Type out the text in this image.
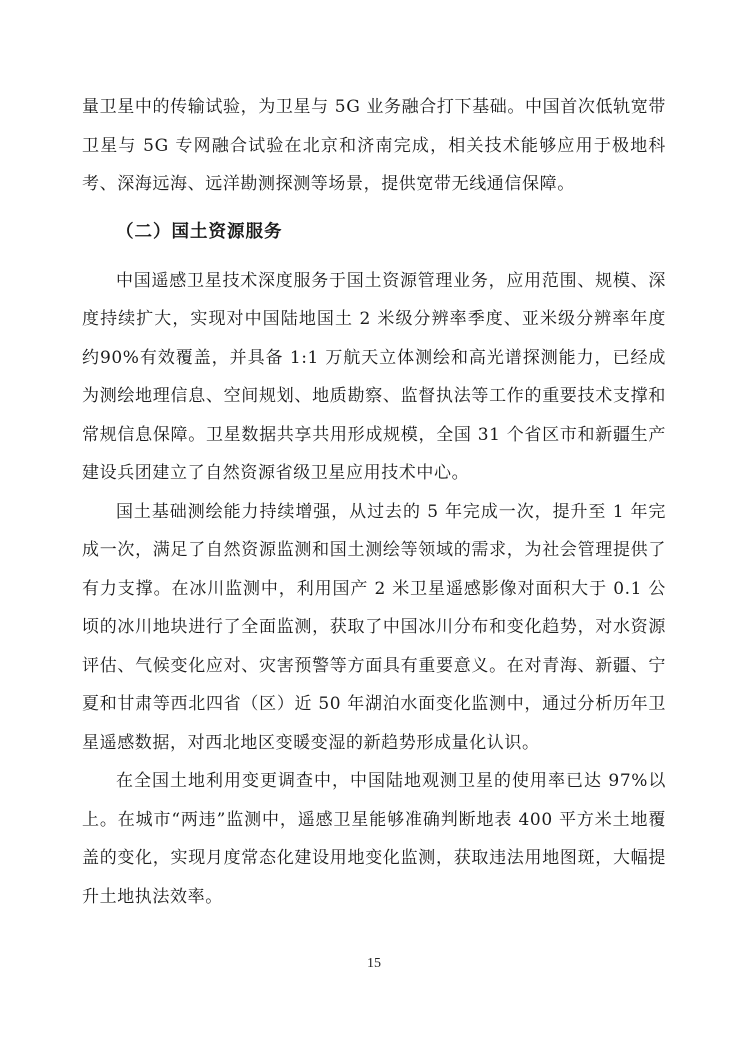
量卫星中的传输试验，为卫星与 5G 业务融合打下基础。中国首次低轨宽带卫星与 5G 专网融合试验在北京和济南完成，相关技术能够应用于极地科考、深海远海、远洋勘测探测等场景，提供宽带无线通信保障。

（二）国土资源服务

中国遥感卫星技术深度服务于国土资源管理业务，应用范围、规模、深度持续扩大，实现对中国陆地国土 2 米级分辨率季度、亚米级分辨率年度约90%有效覆盖，并具备 1:1 万航天立体测绘和高光谱探测能力，已经成为测绘地理信息、空间规划、地质勘察、监督执法等工作的重要技术支撑和常规信息保障。卫星数据共享共用形成规模，全国 31 个省区市和新疆生产建设兵团建立了自然资源省级卫星应用技术中心。

国土基础测绘能力持续增强，从过去的 5 年完成一次，提升至 1 年完成一次，满足了自然资源监测和国土测绘等领域的需求，为社会管理提供了有力支撑。在冰川监测中，利用国产 2 米卫星遥感影像对面积大于 0.1 公顷的冰川地块进行了全面监测，获取了中国冰川分布和变化趋势，对水资源评估、气候变化应对、灾害预警等方面具有重要意义。在对青海、新疆、宁夏和甘肃等西北四省（区）近 50 年湖泊水面变化监测中，通过分析历年卫星遥感数据，对西北地区变暖变湿的新趋势形成量化认识。

在全国土地利用变更调查中，中国陆地观测卫星的使用率已达 97%以上。在城市“两违”监测中，遥感卫星能够准确判断地表 400 平方米土地覆盖的变化，实现月度常态化建设用地变化监测，获取违法用地图斑，大幅提升土地执法效率。

15
